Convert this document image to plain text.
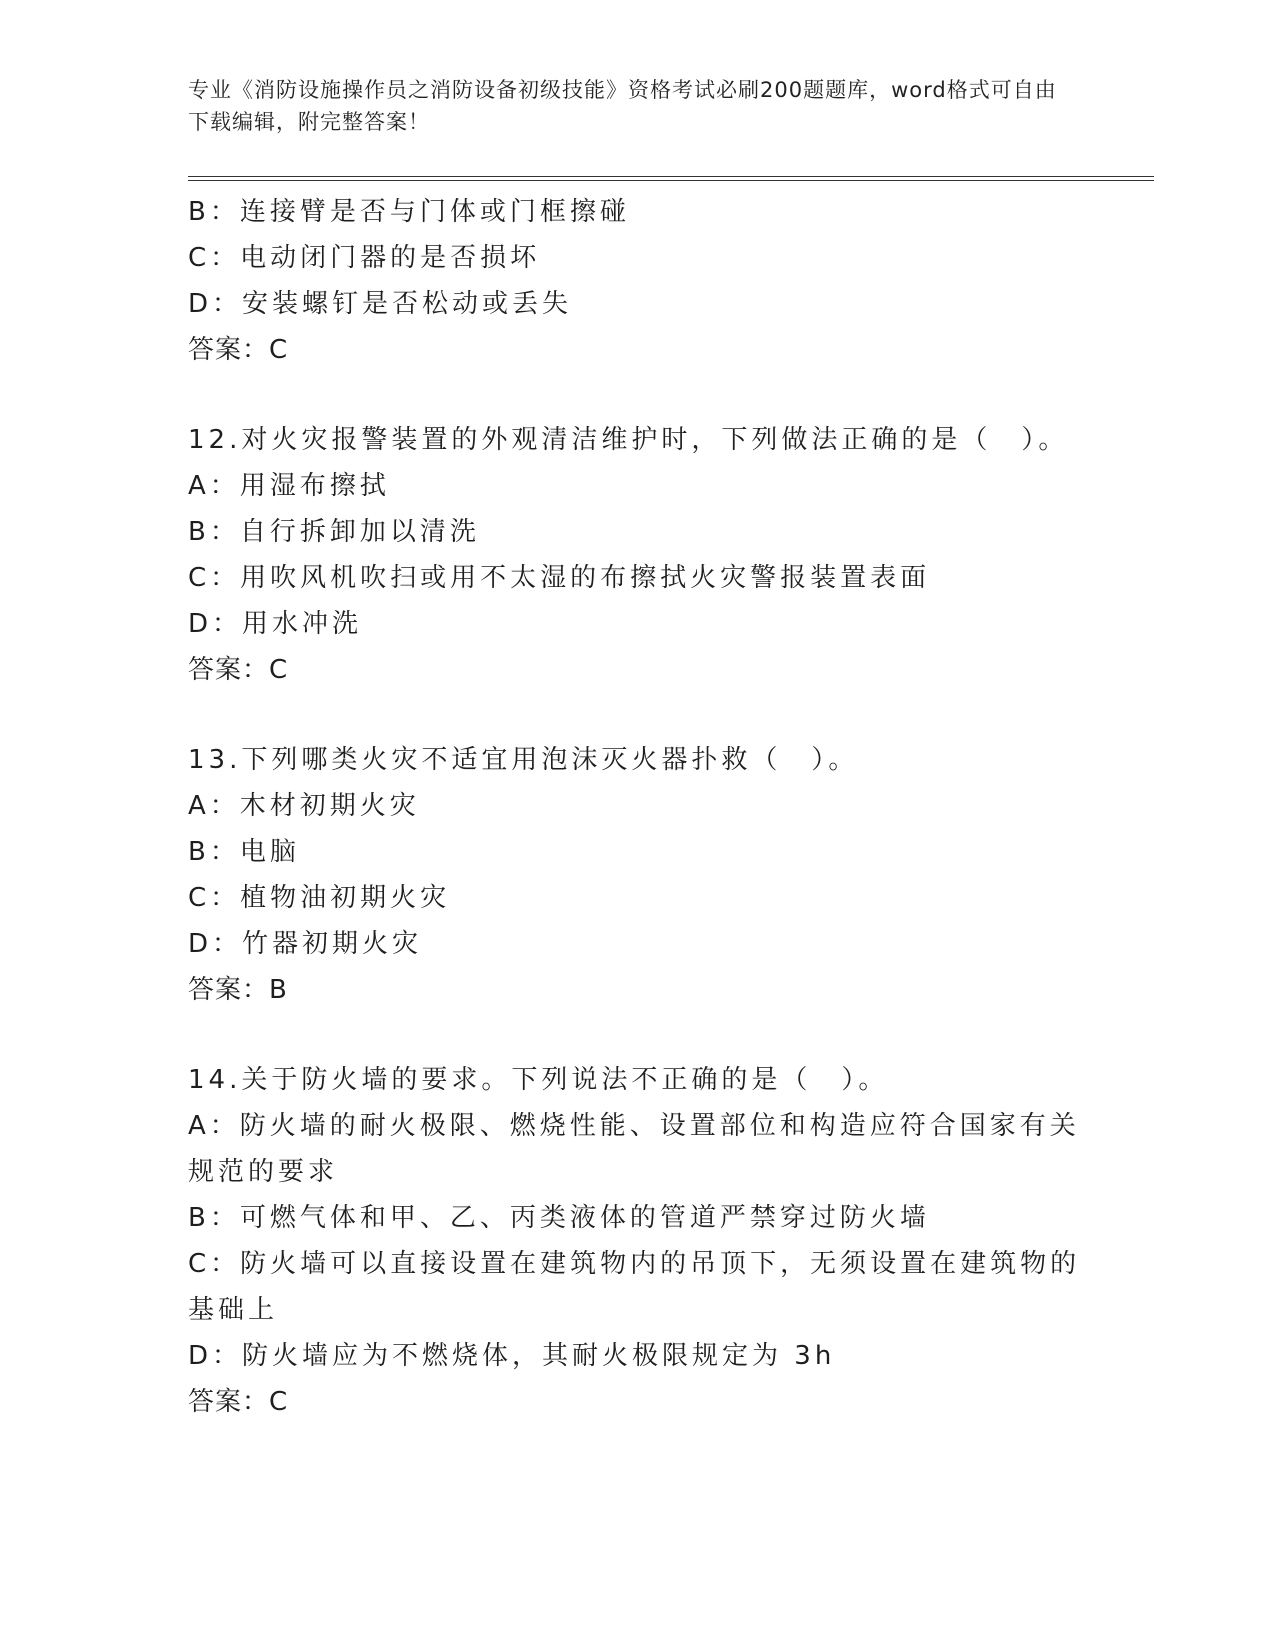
专业《消防设施操作员之消防设备初级技能》资格考试必刷200题题库，word格式可自由下载编辑，附完整答案！
B：连接臂是否与门体或门框擦碰
C：电动闭门器的是否损坏
D：安装螺钉是否松动或丢失
答案：C
12.对火灾报警装置的外观清洁维护时，下列做法正确的是（　）。
A：用湿布擦拭
B：自行拆卸加以清洗
C：用吹风机吹扫或用不太湿的布擦拭火灾警报装置表面
D：用水冲洗
答案：C
13.下列哪类火灾不适宜用泡沫灭火器扑救（　）。
A：木材初期火灾
B：电脑
C：植物油初期火灾
D：竹器初期火灾
答案：B
14.关于防火墙的要求。下列说法不正确的是（　）。
A：防火墙的耐火极限、燃烧性能、设置部位和构造应符合国家有关规范的要求
B：可燃气体和甲、乙、丙类液体的管道严禁穿过防火墙
C：防火墙可以直接设置在建筑物内的吊顶下，无须设置在建筑物的基础上
D：防火墙应为不燃烧体，其耐火极限规定为 3h
答案：C
